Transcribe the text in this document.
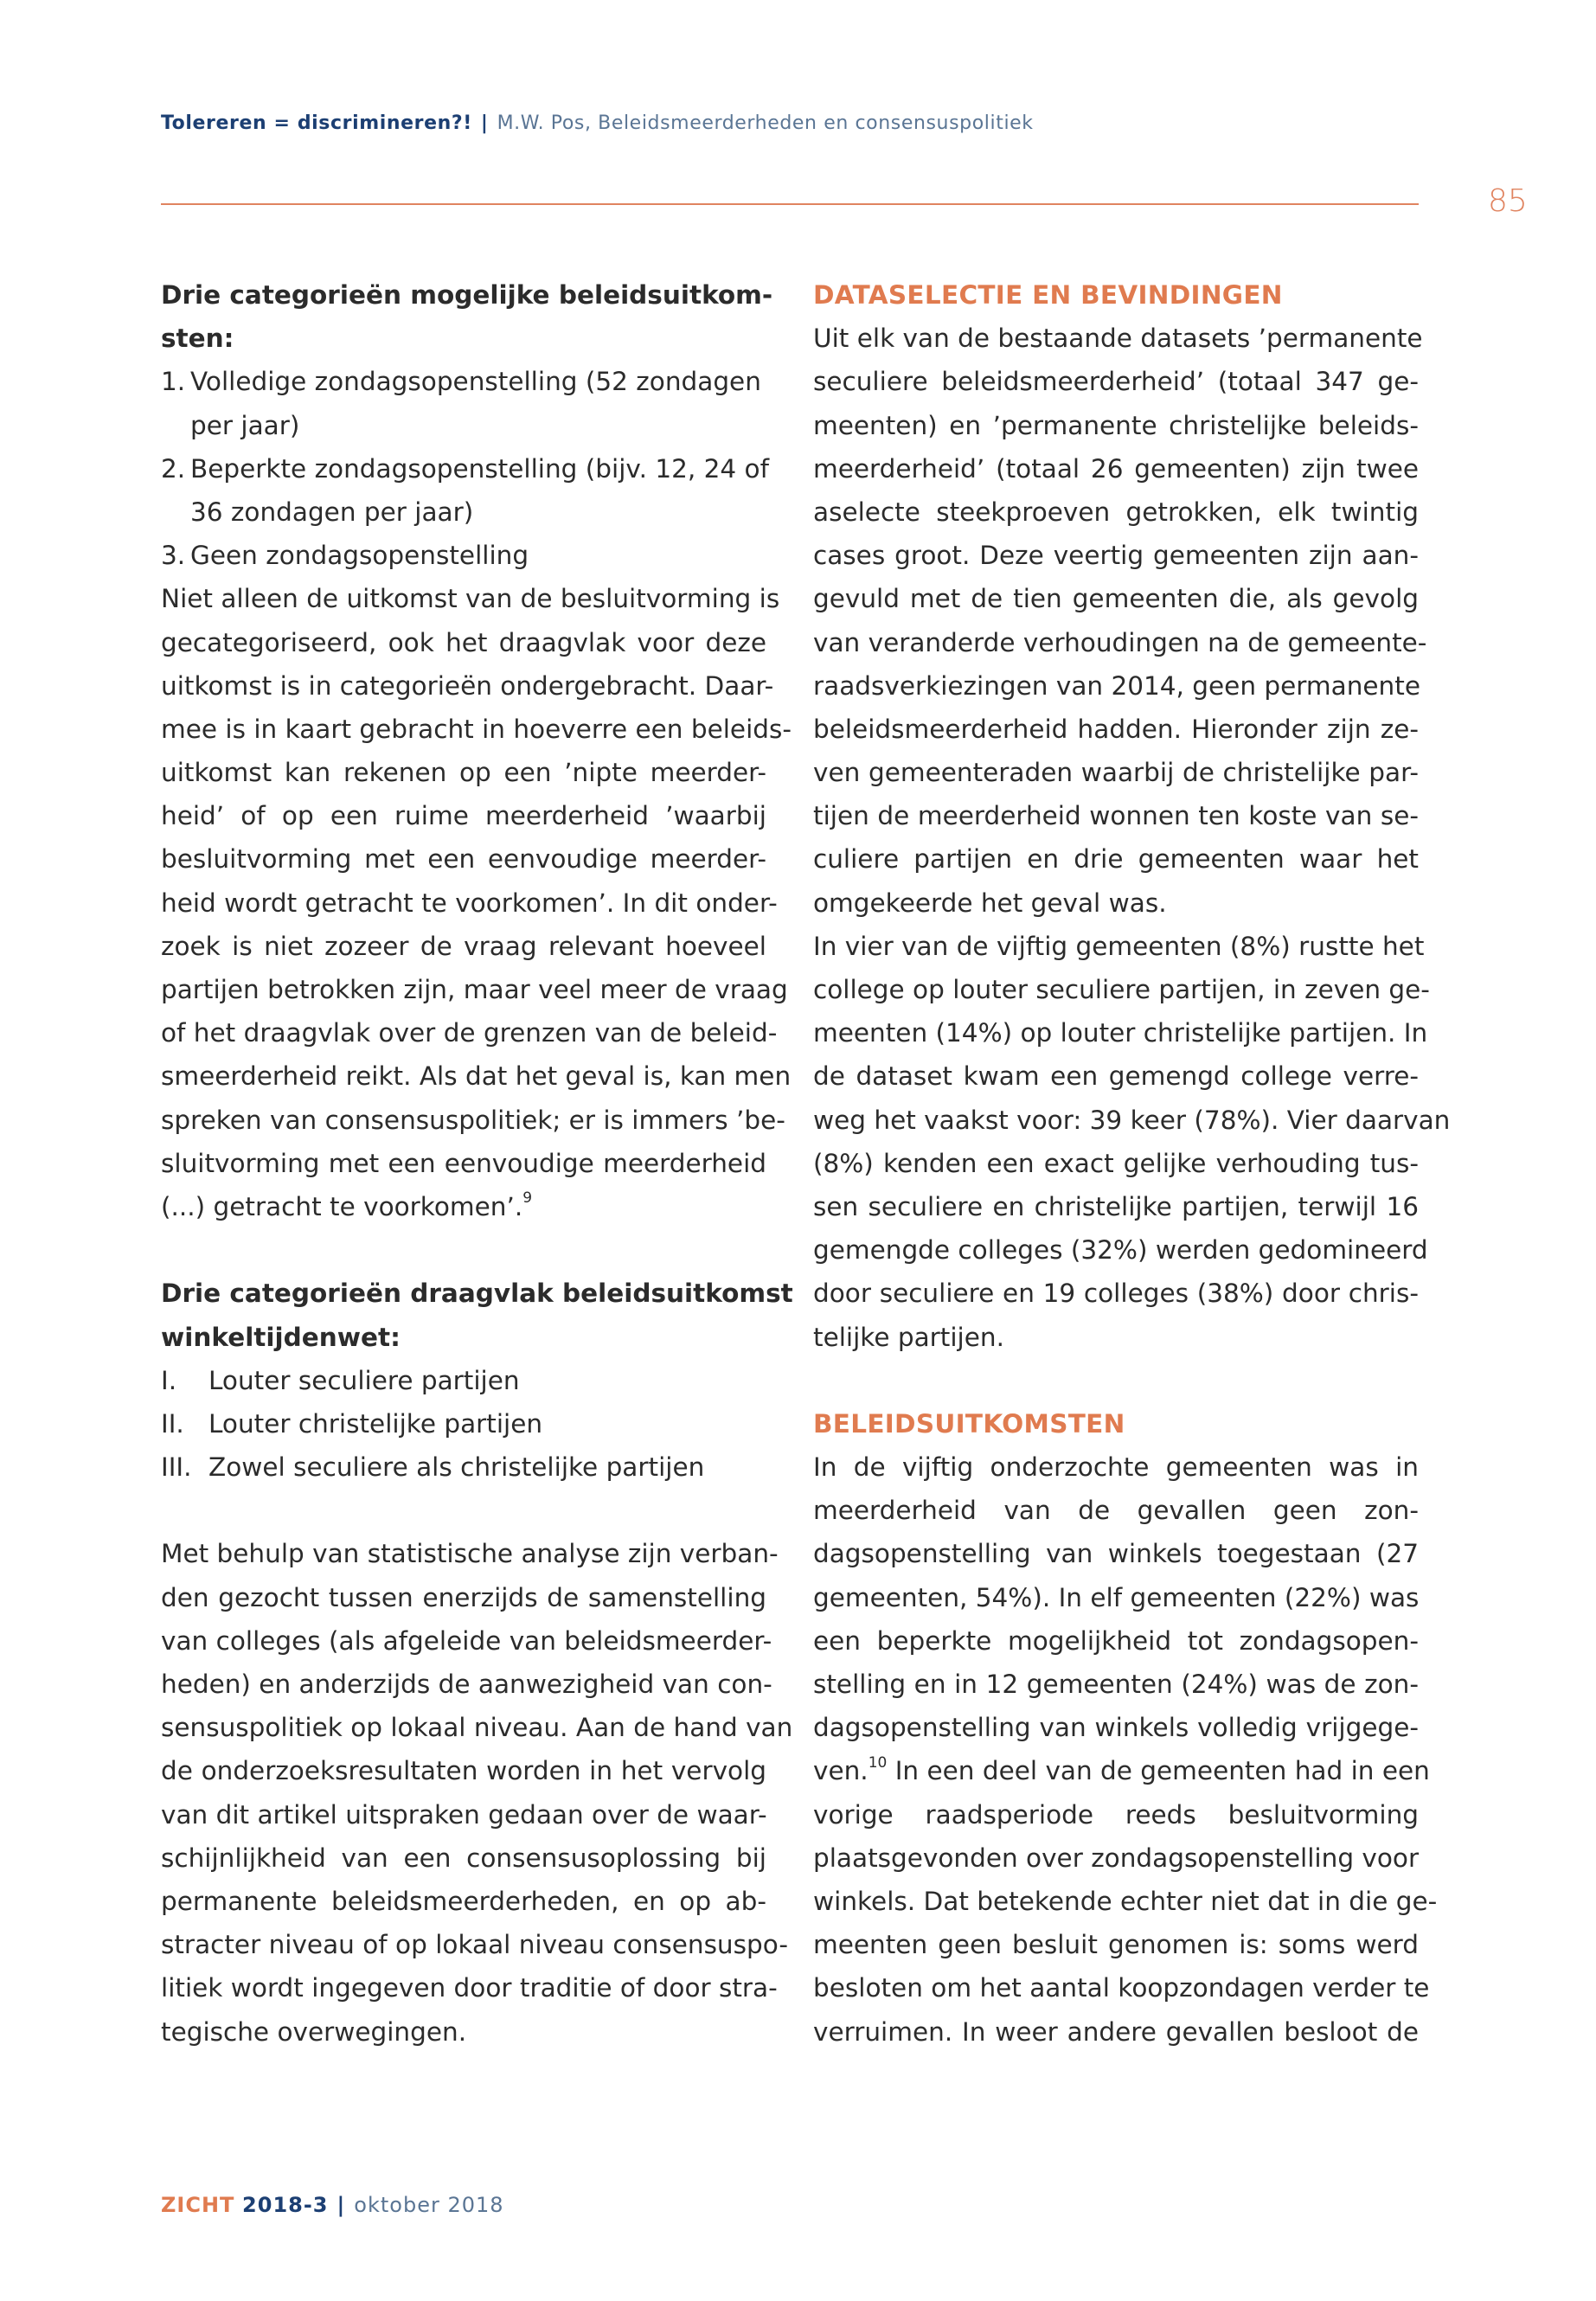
Tolereren = discrimineren?! | M.W. Pos, Beleidsmeerderheden en consensuspolitiek
85
Drie categorieën mogelijke beleidsuitkom-
sten:
1. Volledige zondagsopenstelling (52 zondagen
per jaar)
2. Beperkte zondagsopenstelling (bijv. 12, 24 of
36 zondagen per jaar)
3. Geen zondagsopenstelling
Niet alleen de uitkomst van de besluitvorming is
gecategoriseerd, ook het draagvlak voor deze
uitkomst is in categorieën ondergebracht. Daar-
mee is in kaart gebracht in hoeverre een beleids-
uitkomst kan rekenen op een ’nipte meerder-
heid’ of op een ruime meerderheid ’waarbij
besluitvorming met een eenvoudige meerder-
heid wordt getracht te voorkomen’. In dit onder-
zoek is niet zozeer de vraag relevant hoeveel
partijen betrokken zijn, maar veel meer de vraag
of het draagvlak over de grenzen van de beleid-
smeerderheid reikt. Als dat het geval is, kan men
spreken van consensuspolitiek; er is immers ’be-
sluitvorming met een eenvoudige meerderheid
(...) getracht te voorkomen’.$^9$
Drie categorieën draagvlak beleidsuitkomst
winkeltijdenwet:
I. Louter seculiere partijen
II. Louter christelijke partijen
III. Zowel seculiere als christelijke partijen
Met behulp van statistische analyse zijn verban-
den gezocht tussen enerzijds de samenstelling
van colleges (als afgeleide van beleidsmeerder-
heden) en anderzijds de aanwezigheid van con-
sensuspolitiek op lokaal niveau. Aan de hand van
de onderzoeksresultaten worden in het vervolg
van dit artikel uitspraken gedaan over de waar-
schijnlijkheid van een consensusoplossing bij
permanente beleidsmeerderheden, en op ab-
stracter niveau of op lokaal niveau consensuspo-
litiek wordt ingegeven door traditie of door stra-
tegische overwegingen.
DATASELECTIE EN BEVINDINGEN
Uit elk van de bestaande datasets ’permanente
seculiere beleidsmeerderheid’ (totaal 347 ge-
meenten) en ’permanente christelijke beleids-
meerderheid’ (totaal 26 gemeenten) zijn twee
aselecte steekproeven getrokken, elk twintig
cases groot. Deze veertig gemeenten zijn aan-
gevuld met de tien gemeenten die, als gevolg
van veranderde verhoudingen na de gemeente-
raadsverkiezingen van 2014, geen permanente
beleidsmeerderheid hadden. Hieronder zijn ze-
ven gemeenteraden waarbij de christelijke par-
tijen de meerderheid wonnen ten koste van se-
culiere partijen en drie gemeenten waar het
omgekeerde het geval was.
In vier van de vijftig gemeenten (8%) rustte het
college op louter seculiere partijen, in zeven ge-
meenten (14%) op louter christelijke partijen. In
de dataset kwam een gemengd college verre-
weg het vaakst voor: 39 keer (78%). Vier daarvan
(8%) kenden een exact gelijke verhouding tus-
sen seculiere en christelijke partijen, terwijl 16
gemengde colleges (32%) werden gedomineerd
door seculiere en 19 colleges (38%) door chris-
telijke partijen.
BELEIDSUITKOMSTEN
In de vijftig onderzochte gemeenten was in
meerderheid van de gevallen geen zon-
dagsopenstelling van winkels toegestaan (27
gemeenten, 54%). In elf gemeenten (22%) was
een beperkte mogelijkheid tot zondagsopen-
stelling en in 12 gemeenten (24%) was de zon-
dagsopenstelling van winkels volledig vrijgege-
ven.$^{10}$ In een deel van de gemeenten had in een
vorige raadsperiode reeds besluitvorming
plaatsgevonden over zondagsopenstelling voor
winkels. Dat betekende echter niet dat in die ge-
meenten geen besluit genomen is: soms werd
besloten om het aantal koopzondagen verder te
verruimen. In weer andere gevallen besloot de
ZICHT 2018-3 | oktober 2018
